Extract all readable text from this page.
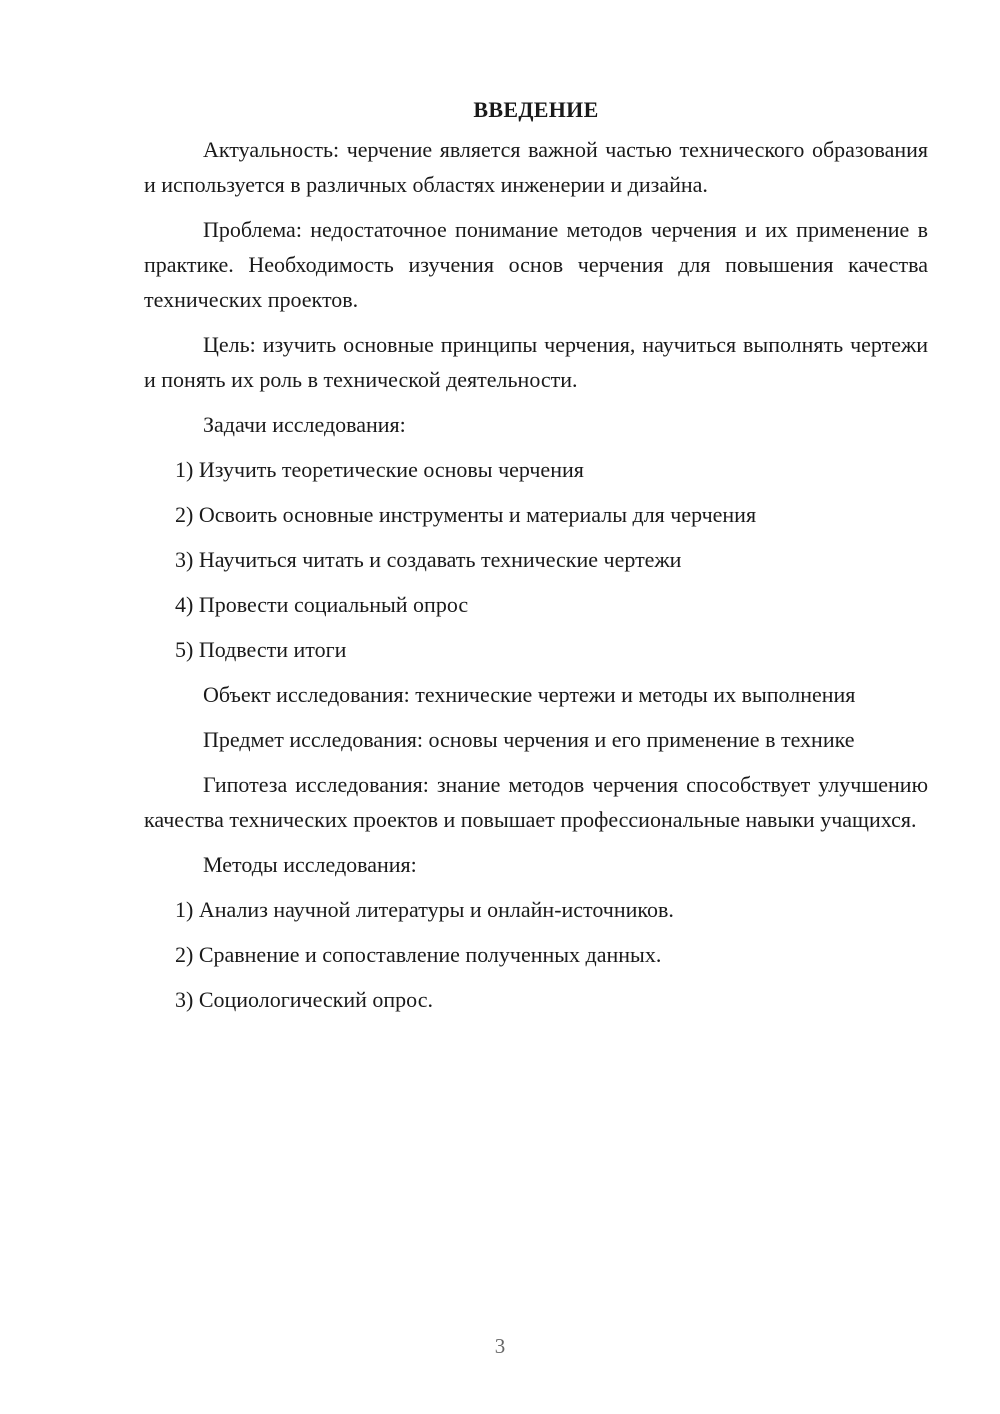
ВВЕДЕНИЕ

Актуальность: черчение является важной частью технического образования и используется в различных областях инженерии и дизайна.

Проблема: недостаточное понимание методов черчения и их применение в практике. Необходимость изучения основ черчения для повышения качества технических проектов.

Цель: изучить основные принципы черчения, научиться выполнять чертежи и понять их роль в технической деятельности.

Задачи исследования:

1) Изучить теоретические основы черчения
2) Освоить основные инструменты и материалы для черчения
3) Научиться читать и создавать технические чертежи
4) Провести социальный опрос
5) Подвести итоги

Объект исследования: технические чертежи и методы их выполнения

Предмет исследования: основы черчения и его применение в технике

Гипотеза исследования: знание методов черчения способствует улучшению качества технических проектов и повышает профессиональные навыки учащихся.

Методы исследования:

1) Анализ научной литературы и онлайн-источников.
2) Сравнение и сопоставление полученных данных.
3) Социологический опрос.
3
